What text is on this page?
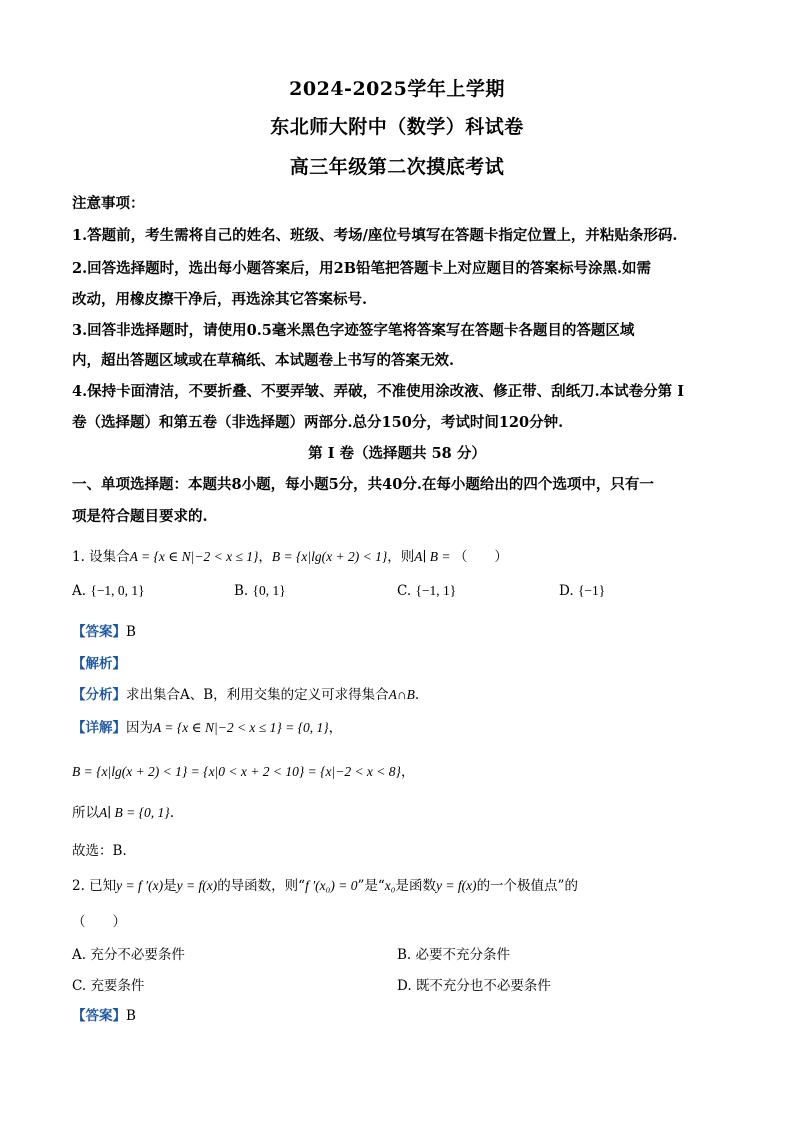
2024-2025学年上学期
东北师大附中（数学）科试卷
高三年级第二次摸底考试
注意事项：
1.答题前，考生需将自己的姓名、班级、考场/座位号填写在答题卡指定位置上，并粘贴条形码.
2.回答选择题时，选出每小题答案后，用2B铅笔把答题卡上对应题目的答案标号涂黑.如需
改动，用橡皮擦干净后，再选涂其它答案标号.
3.回答非选择题时，请使用0.5毫米黑色字迹签字笔将答案写在答题卡各题目的答题区域
内，超出答题区域或在草稿纸、本试题卷上书写的答案无效.
4.保持卡面清洁，不要折叠、不要弄皱、弄破，不准使用涂改液、修正带、刮纸刀.本试卷分第 I
卷（选择题）和第五卷（非选择题）两部分.总分150分，考试时间120分钟.
第 I 卷（选择题共 58 分）
一、单项选择题：本题共8小题，每小题5分，共40分.在每小题给出的四个选项中，只有一
项是符合题目要求的.
1. 设集合A = {x ∈ N|−2 < x ≤ 1}，B = {x|lg(x + 2) < 1}，则A∣ B = （　　）
A. {−1, 0, 1}	B. {0, 1}	C. {−1, 1}	D. {−1}
【答案】B
【解析】
【分析】求出集合A、B，利用交集的定义可求得集合A∩B.
【详解】因为A = {x ∈ N|−2 < x ≤ 1} = {0, 1}，
B = {x|lg(x + 2) < 1} = {x|0 < x + 2 < 10} = {x|−2 < x < 8}，
所以A∣ B = {0, 1}.
故选：B.
2. 已知y = f ′(x)是y = f(x)的导函数，则“f ′(x₀) = 0”是“x₀是函数y = f(x)的一个极值点”的
（　　）
A. 充分不必要条件	B. 必要不充分条件
C. 充要条件	D. 既不充分也不必要条件
【答案】B
